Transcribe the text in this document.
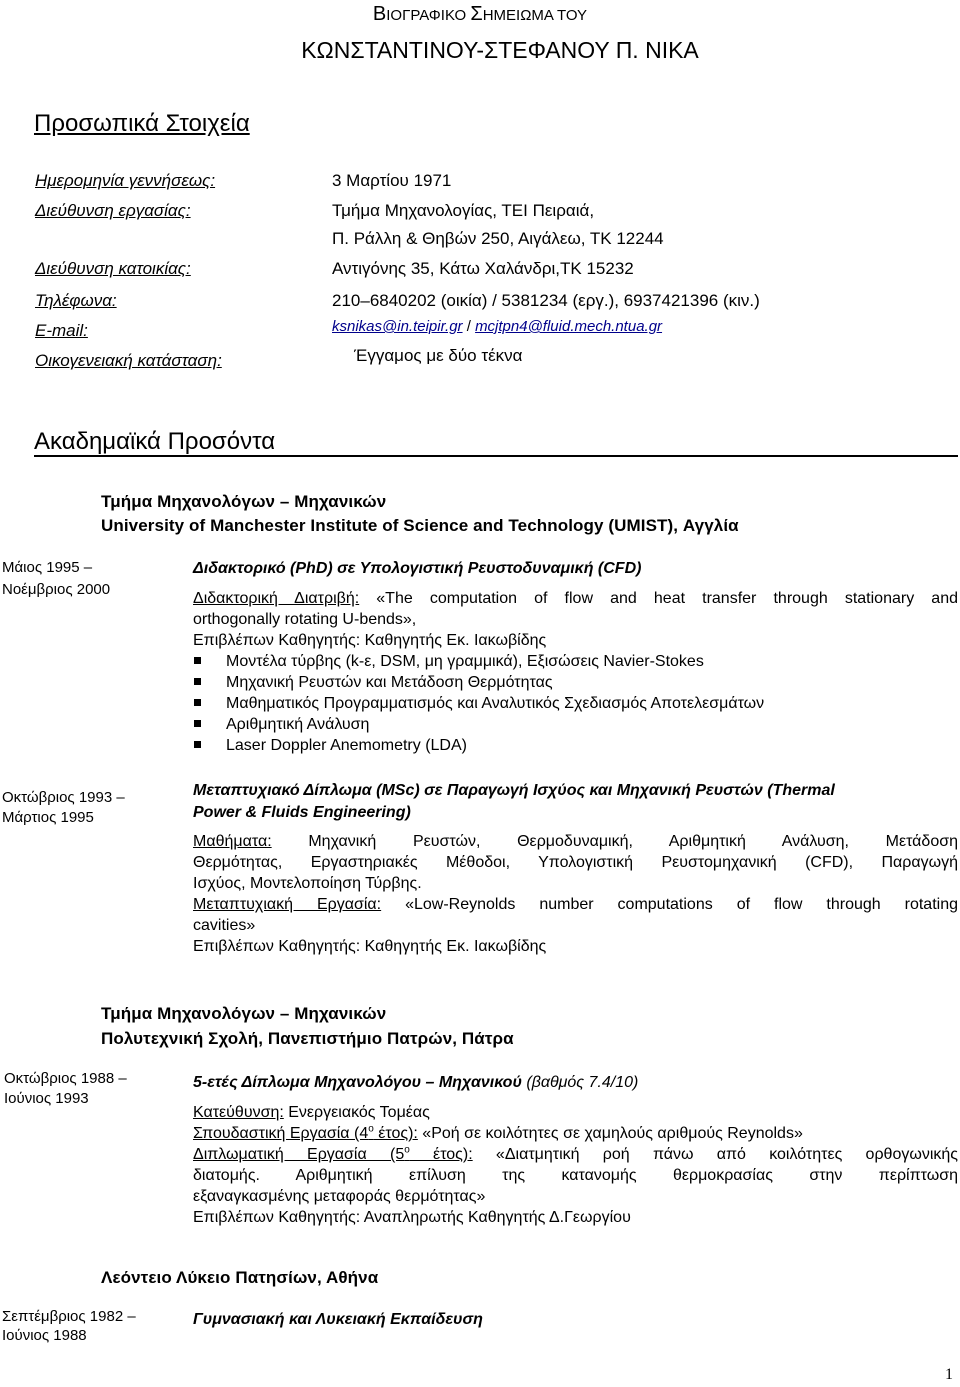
ΒΙΟΓΡΑΦΙΚΟ ΣΗΜΕΙΩΜΑ ΤΟΥ
ΚΩΝΣΤΑΝΤΙΝΟΥ-ΣΤΕΦΑΝΟΥ Π. ΝΙΚΑ
Προσωπικά Στοιχεία
Ημερομηνία γεννήσεως:	3 Μαρτίου 1971
Διεύθυνση εργασίας:	Τμήμα Μηχανολογίας, ΤΕΙ Πειραιά,
Π. Ράλλη & Θηβών 250, Αιγάλεω, ΤΚ 12244
Διεύθυνση κατοικίας:	Αντιγόνης 35, Κάτω Χαλάνδρι,ΤΚ 15232
Τηλέφωνα:	210–6840202 (οικία) / 5381234 (εργ.), 6937421396 (κιν.)
E-mail:	ksnikas@in.teipir.gr / mcjtpn4@fluid.mech.ntua.gr
Οικογενειακή κατάσταση:	Έγγαμος με δύο τέκνα
Ακαδημαϊκά Προσόντα
Τμήμα Μηχανολόγων – Μηχανικών
University of Manchester Institute of Science and Technology (UMIST), Αγγλία
Μάιος 1995 –
Νοέμβριος 2000
Διδακτορικό (PhD) σε Υπολογιστική Ρευστοδυναμική (CFD)
Διδακτορική Διατριβή: «The computation of flow and heat transfer through stationary and
orthogonally rotating U-bends»,
Επιβλέπων Καθηγητής: Καθηγητής Εκ. Ιακωβίδης
Μοντέλα τύρβης (k-ε, DSM, μη γραμμικά), Εξισώσεις Navier-Stokes
Μηχανική Ρευστών και Μετάδοση Θερμότητας
Μαθηματικός Προγραμματισμός και Αναλυτικός Σχεδιασμός Αποτελεσμάτων
Αριθμητική Ανάλυση
Laser Doppler Anemometry (LDA)
Οκτώβριος 1993 –
Μάρτιος 1995
Μεταπτυχιακό Δίπλωμα (MSc) σε Παραγωγή Ισχύος και Μηχανική Ρευστών (Thermal
Power & Fluids Engineering)
Μαθήματα: Μηχανική Ρευστών, Θερμοδυναμική, Αριθμητική Ανάλυση, Μετάδοση
Θερμότητας, Εργαστηριακές Μέθοδοι, Υπολογιστική Ρευστομηχανική (CFD), Παραγωγή
Ισχύος, Μοντελοποίηση Τύρβης.
Μεταπτυχιακή Εργασία: «Low-Reynolds number computations of flow through rotating
cavities»
Επιβλέπων Καθηγητής: Καθηγητής Εκ. Ιακωβίδης
Τμήμα Μηχανολόγων – Μηχανικών
Πολυτεχνική Σχολή, Πανεπιστήμιο Πατρών, Πάτρα
Οκτώβριος 1988 –
Ιούνιος 1993
5-ετές Δίπλωμα Μηχανολόγου – Μηχανικού (βαθμός 7.4/10)
Κατεύθυνση: Ενεργειακός Τομέας
Σπουδαστική Εργασία ($4^o$ έτος): «Ροή σε κοιλότητες σε χαμηλούς αριθμούς Reynolds»
Διπλωματική Εργασία ($5^o$ έτος): «Διατμητική ροή πάνω από κοιλότητες ορθογωνικής
διατομής. Αριθμητική επίλυση της κατανομής θερμοκρασίας στην περίπτωση
εξαναγκασμένης μεταφοράς θερμότητας»
Επιβλέπων Καθηγητής: Αναπληρωτής Καθηγητής Δ.Γεωργίου
Λεόντειο Λύκειο Πατησίων, Αθήνα
Σεπτέμβριος 1982 –
Ιούνιος 1988
Γυμνασιακή και Λυκειακή Εκπαίδευση
1
